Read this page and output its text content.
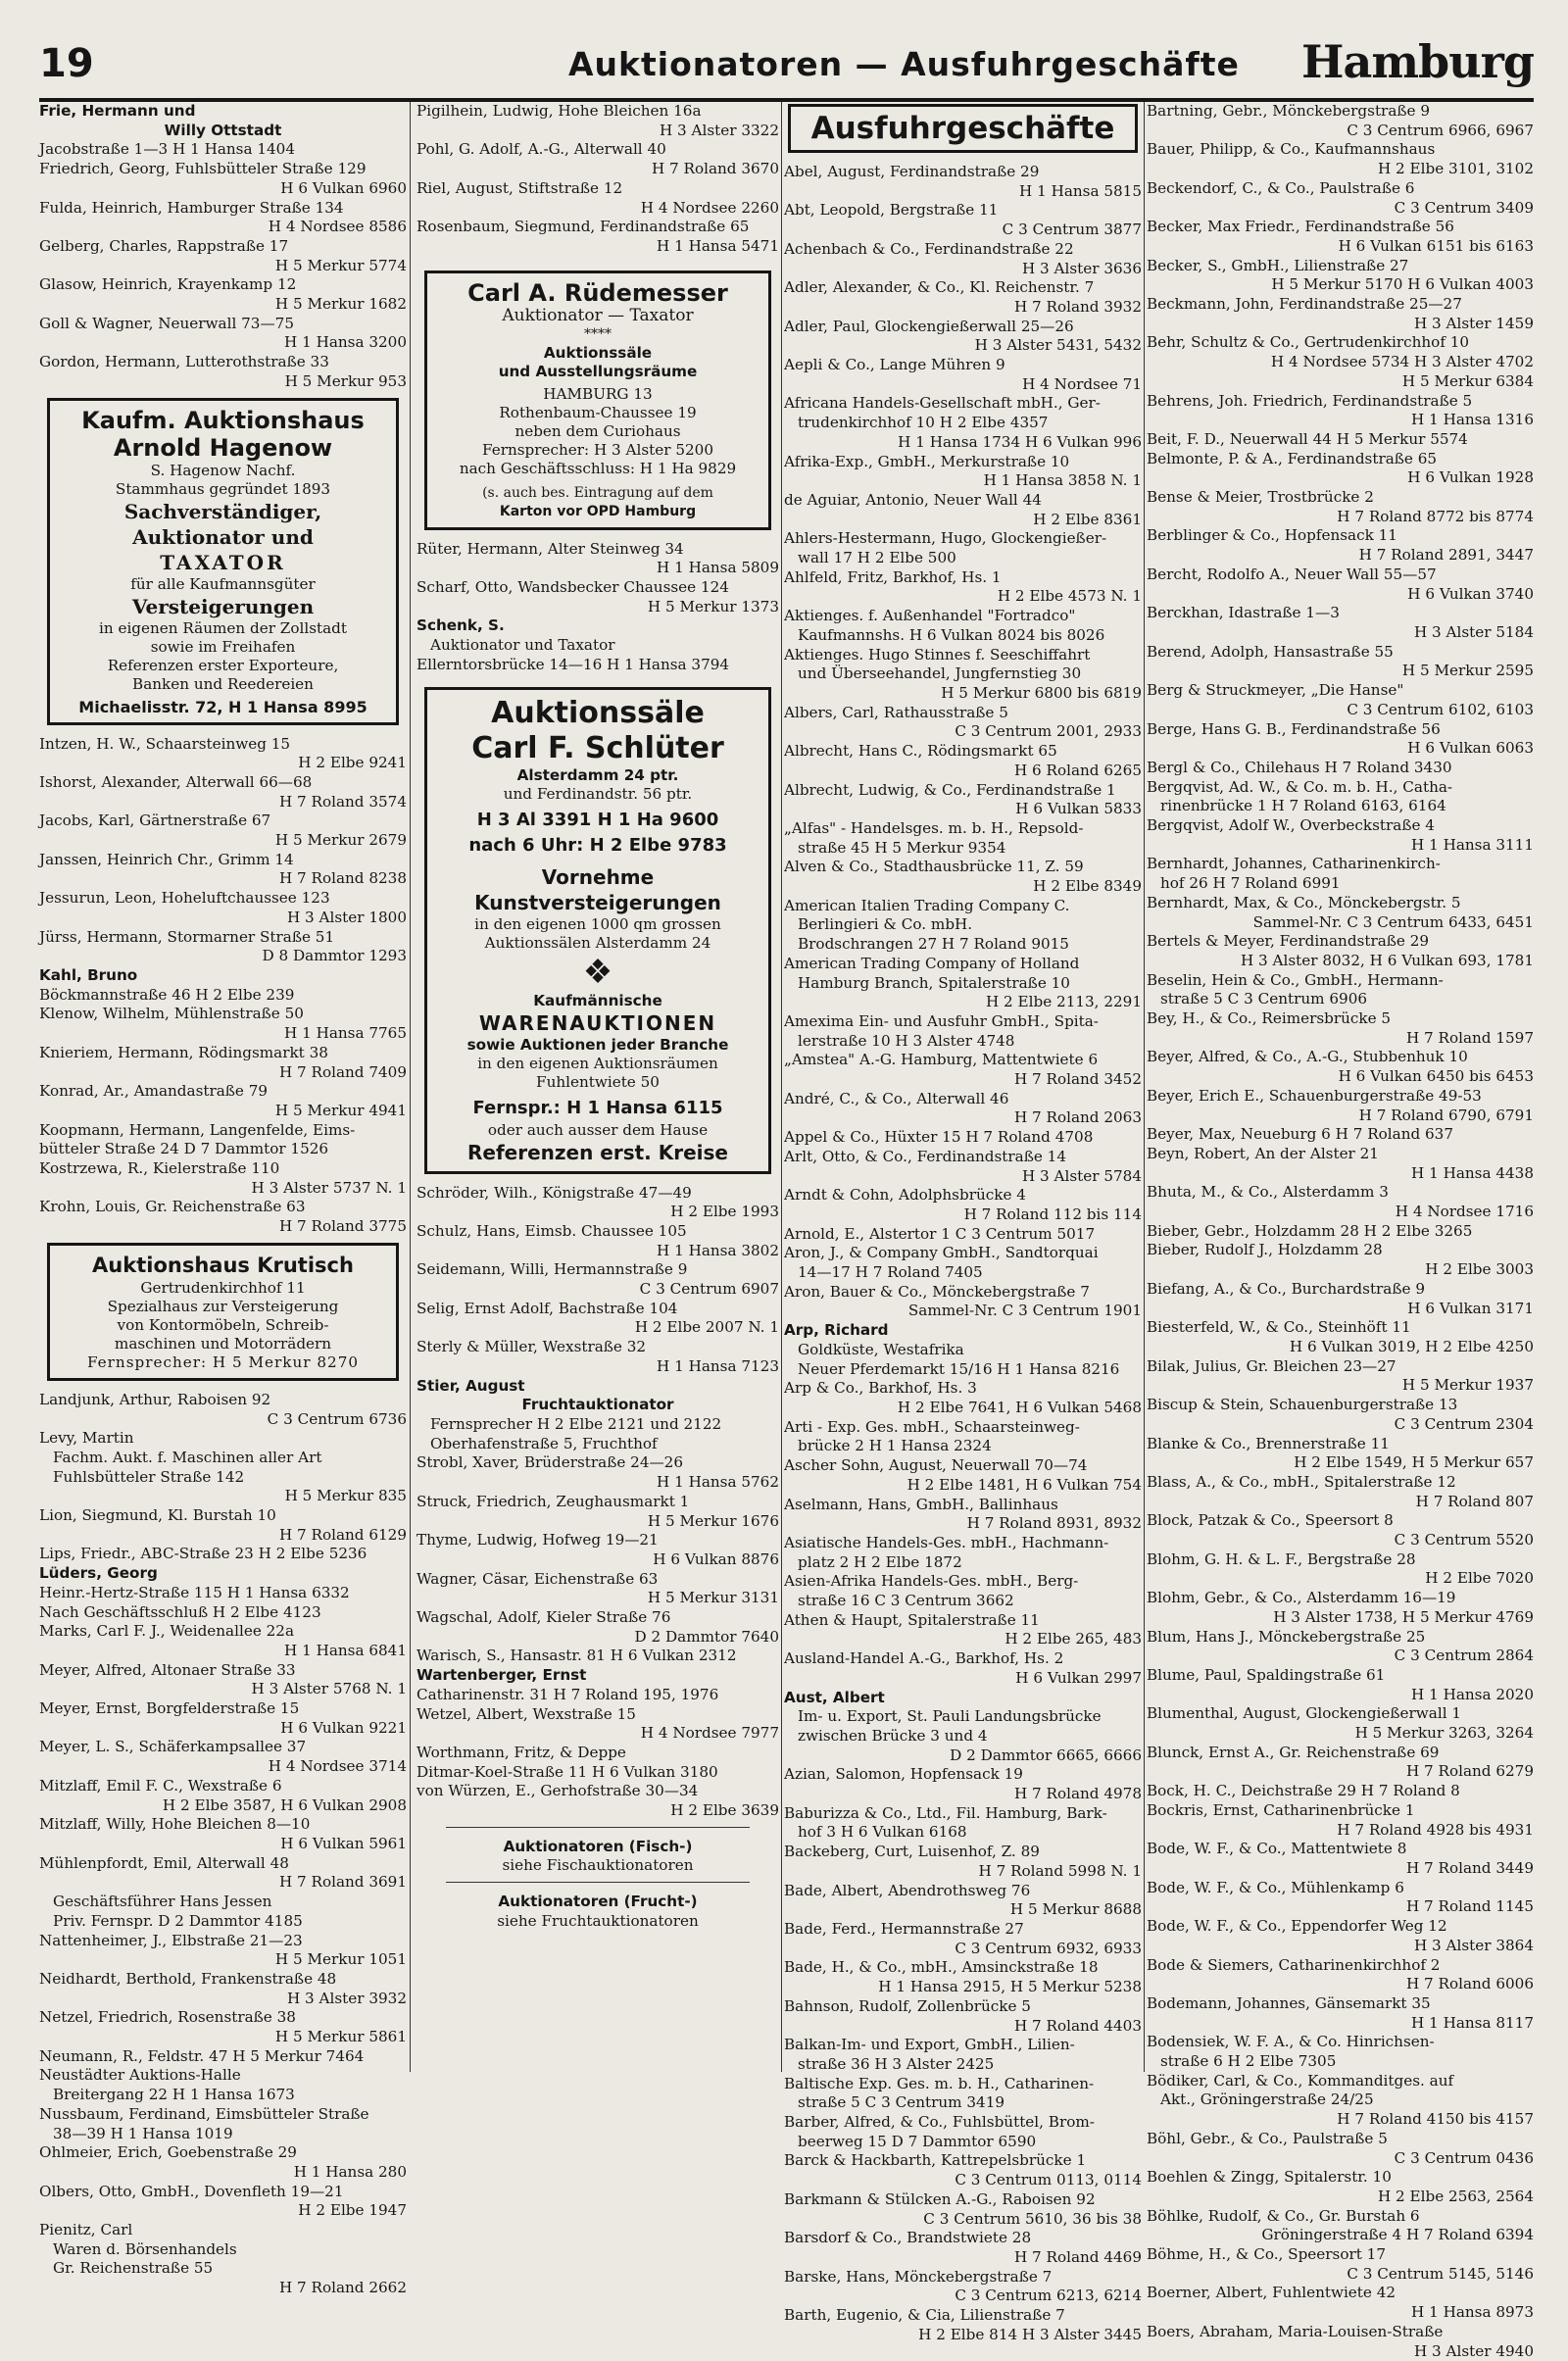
19	Auktionatoren — Ausfuhrgeschäfte Hamburg
Frie, Hermann und
Willy Ottstadt
Jacobstraße 1—3 H 1 Hansa 1404
Friedrich, Georg, Fuhlsbütteler Straße 129
H 6 Vulkan 6960
Fulda, Heinrich, Hamburger Straße 134
H 4 Nordsee 8586
Gelberg, Charles, Rappstraße 17
H 5 Merkur 5774
Glasow, Heinrich, Krayenkamp 12
H 5 Merkur 1682
Goll & Wagner, Neuerwall 73—75
H 1 Hansa 3200
Gordon, Hermann, Lutterothstraße 33
H 5 Merkur 953
Kaufm. Auktionshaus
Arnold Hagenow
S. Hagenow Nachf.
Stammhaus gegründet 1893
Sachverständiger,
Auktionator und
TAXATOR
für alle Kaufmannsgüter
Versteigerungen
in eigenen Räumen der Zollstadt
sowie im Freihafen
Referenzen erster Exporteure,
Banken und Reedereien
Michaelisstr. 72, H 1 Hansa 8995
Intzen, H. W., Schaarsteinweg 15
H 2 Elbe 9241
Ishorst, Alexander, Alterwall 66—68
H 7 Roland 3574
Jacobs, Karl, Gärtnerstraße 67
H 5 Merkur 2679
Janssen, Heinrich Chr., Grimm 14
H 7 Roland 8238
Jessurun, Leon, Hoheluftchaussee 123
H 3 Alster 1800
Jürss, Hermann, Stormarner Straße 51
D 8 Dammtor 1293
Kahl, Bruno
Böckmannstraße 46 H 2 Elbe 239
Klenow, Wilhelm, Mühlenstraße 50
H 1 Hansa 7765
Knieriem, Hermann, Rödingsmarkt 38
H 7 Roland 7409
Konrad, Ar., Amandastraße 79
H 5 Merkur 4941
Koopmann, Hermann, Langenfelde, Eims-
bütteler Straße 24 D 7 Dammtor 1526
Kostrzewa, R., Kielerstraße 110
H 3 Alster 5737 N. 1
Krohn, Louis, Gr. Reichenstraße 63
H 7 Roland 3775
Auktionshaus Krutisch
Gertrudenkirchhof 11
Spezialhaus zur Versteigerung
von Kontormöbeln, Schreib-
maschinen und Motorrädern
Fernsprecher: H 5 Merkur 8270
Landjunk, Arthur, Raboisen 92
C 3 Centrum 6736
Levy, Martin
Fachm. Aukt. f. Maschinen aller Art
Fuhlsbütteler Straße 142
H 5 Merkur 835
Lion, Siegmund, Kl. Burstah 10
H 7 Roland 6129
Lips, Friedr., ABC-Straße 23 H 2 Elbe 5236
Lüders, Georg
Heinr.-Hertz-Straße 115 H 1 Hansa 6332
Nach Geschäftsschluß H 2 Elbe 4123
Marks, Carl F. J., Weidenallee 22a
H 1 Hansa 6841
Meyer, Alfred, Altonaer Straße 33
H 3 Alster 5768 N. 1
Meyer, Ernst, Borgfelderstraße 15
H 6 Vulkan 9221
Meyer, L. S., Schäferkampsallee 37
H 4 Nordsee 3714
Mitzlaff, Emil F. C., Wexstraße 6
H 2 Elbe 3587, H 6 Vulkan 2908
Mitzlaff, Willy, Hohe Bleichen 8—10
H 6 Vulkan 5961
Mühlenpfordt, Emil, Alterwall 48
H 7 Roland 3691
Geschäftsführer Hans Jessen
Priv. Fernspr. D 2 Dammtor 4185
Nattenheimer, J., Elbstraße 21—23
H 5 Merkur 1051
Neidhardt, Berthold, Frankenstraße 48
H 3 Alster 3932
Netzel, Friedrich, Rosenstraße 38
H 5 Merkur 5861
Neumann, R., Feldstr. 47 H 5 Merkur 7464
Neustädter Auktions-Halle
Breitergang 22 H 1 Hansa 1673
Nussbaum, Ferdinand, Eimsbütteler Straße
38—39 H 1 Hansa 1019
Ohlmeier, Erich, Goebenstraße 29
H 1 Hansa 280
Olbers, Otto, GmbH., Dovenfleth 19—21
H 2 Elbe 1947
Pienitz, Carl
Waren d. Börsenhandels
Gr. Reichenstraße 55
H 7 Roland 2662
Pigilhein, Ludwig, Hohe Bleichen 16a
H 3 Alster 3322
Pohl, G. Adolf, A.-G., Alterwall 40
H 7 Roland 3670
Riel, August, Stiftstraße 12
H 4 Nordsee 2260
Rosenbaum, Siegmund, Ferdinandstraße 65
H 1 Hansa 5471
Carl A. Rüdemesser
Auktionator — Taxator
****
Auktionssäle
und Ausstellungsräume
HAMBURG 13
Rothenbaum-Chaussee 19
neben dem Curiohaus
Fernsprecher: H 3 Alster 5200
nach Geschäftsschluss: H 1 Ha 9829
(s. auch bes. Eintragung auf dem
Karton vor OPD Hamburg
Rüter, Hermann, Alter Steinweg 34
H 1 Hansa 5809
Scharf, Otto, Wandsbecker Chaussee 124
H 5 Merkur 1373
Schenk, S.
Auktionator und Taxator
Ellerntorsbrücke 14—16 H 1 Hansa 3794
Auktionssäle
Carl F. Schlüter
Alsterdamm 24 ptr.
und Ferdinandstr. 56 ptr.
H 3 Al 3391 H 1 Ha 9600
nach 6 Uhr: H 2 Elbe 9783
Vornehme
Kunstversteigerungen
in den eigenen 1000 qm grossen
Auktionssälen Alsterdamm 24
❖
Kaufmännische
WARENAUKTIONEN
sowie Auktionen jeder Branche
in den eigenen Auktionsräumen
Fuhlentwiete 50
Fernspr.: H 1 Hansa 6115
oder auch ausser dem Hause
Referenzen erst. Kreise
Schröder, Wilh., Königstraße 47—49
H 2 Elbe 1993
Schulz, Hans, Eimsb. Chaussee 105
H 1 Hansa 3802
Seidemann, Willi, Hermannstraße 9
C 3 Centrum 6907
Selig, Ernst Adolf, Bachstraße 104
H 2 Elbe 2007 N. 1
Sterly & Müller, Wexstraße 32
H 1 Hansa 7123
Stier, August
Fruchtauktionator
Fernsprecher H 2 Elbe 2121 und 2122
Oberhafenstraße 5, Fruchthof
Strobl, Xaver, Brüderstraße 24—26
H 1 Hansa 5762
Struck, Friedrich, Zeughausmarkt 1
H 5 Merkur 1676
Thyme, Ludwig, Hofweg 19—21
H 6 Vulkan 8876
Wagner, Cäsar, Eichenstraße 63
H 5 Merkur 3131
Wagschal, Adolf, Kieler Straße 76
D 2 Dammtor 7640
Warisch, S., Hansastr. 81 H 6 Vulkan 2312
Wartenberger, Ernst
Catharinenstr. 31 H 7 Roland 195, 1976
Wetzel, Albert, Wexstraße 15
H 4 Nordsee 7977
Worthmann, Fritz, & Deppe
Ditmar-Koel-Straße 11 H 6 Vulkan 3180
von Würzen, E., Gerhofstraße 30—34
H 2 Elbe 3639
Auktionatoren (Fisch-)
siehe Fischauktionatoren
Auktionatoren (Frucht-)
siehe Fruchtauktionatoren
Ausfuhrgeschäfte
Abel, August, Ferdinandstraße 29
H 1 Hansa 5815
Abt, Leopold, Bergstraße 11
C 3 Centrum 3877
Achenbach & Co., Ferdinandstraße 22
H 3 Alster 3636
Adler, Alexander, & Co., Kl. Reichenstr. 7
H 7 Roland 3932
Adler, Paul, Glockengießerwall 25—26
H 3 Alster 5431, 5432
Aepli & Co., Lange Mühren 9
H 4 Nordsee 71
Africana Handels-Gesellschaft mbH., Ger-
trudenkirchhof 10 H 2 Elbe 4357
H 1 Hansa 1734 H 6 Vulkan 996
Afrika-Exp., GmbH., Merkurstraße 10
H 1 Hansa 3858 N. 1
de Aguiar, Antonio, Neuer Wall 44
H 2 Elbe 8361
Ahlers-Hestermann, Hugo, Glockengießer-
wall 17 H 2 Elbe 500
Ahlfeld, Fritz, Barkhof, Hs. 1
H 2 Elbe 4573 N. 1
Aktienges. f. Außenhandel "Fortradco"
Kaufmannshs. H 6 Vulkan 8024 bis 8026
Aktienges. Hugo Stinnes f. Seeschiffahrt
und Überseehandel, Jungfernstieg 30
H 5 Merkur 6800 bis 6819
Albers, Carl, Rathausstraße 5
C 3 Centrum 2001, 2933
Albrecht, Hans C., Rödingsmarkt 65
H 6 Roland 6265
Albrecht, Ludwig, & Co., Ferdinandstraße 1
H 6 Vulkan 5833
„Alfas" - Handelsges. m. b. H., Repsold-
straße 45 H 5 Merkur 9354
Alven & Co., Stadthausbrücke 11, Z. 59
H 2 Elbe 8349
American Italien Trading Company C.
Berlingieri & Co. mbH.
Brodschrangen 27 H 7 Roland 9015
American Trading Company of Holland
Hamburg Branch, Spitalerstraße 10
H 2 Elbe 2113, 2291
Amexima Ein- und Ausfuhr GmbH., Spita-
lerstraße 10 H 3 Alster 4748
„Amstea" A.-G. Hamburg, Mattentwiete 6
H 7 Roland 3452
André, C., & Co., Alterwall 46
H 7 Roland 2063
Appel & Co., Hüxter 15 H 7 Roland 4708
Arlt, Otto, & Co., Ferdinandstraße 14
H 3 Alster 5784
Arndt & Cohn, Adolphsbrücke 4
H 7 Roland 112 bis 114
Arnold, E., Alstertor 1 C 3 Centrum 5017
Aron, J., & Company GmbH., Sandtorquai
14—17 H 7 Roland 7405
Aron, Bauer & Co., Mönckebergstraße 7
Sammel-Nr. C 3 Centrum 1901
Arp, Richard
Goldküste, Westafrika
Neuer Pferdemarkt 15/16 H 1 Hansa 8216
Arp & Co., Barkhof, Hs. 3
H 2 Elbe 7641, H 6 Vulkan 5468
Arti - Exp. Ges. mbH., Schaarsteinweg-
brücke 2 H 1 Hansa 2324
Ascher Sohn, August, Neuerwall 70—74
H 2 Elbe 1481, H 6 Vulkan 754
Aselmann, Hans, GmbH., Ballinhaus
H 7 Roland 8931, 8932
Asiatische Handels-Ges. mbH., Hachmann-
platz 2 H 2 Elbe 1872
Asien-Afrika Handels-Ges. mbH., Berg-
straße 16 C 3 Centrum 3662
Athen & Haupt, Spitalerstraße 11
H 2 Elbe 265, 483
Ausland-Handel A.-G., Barkhof, Hs. 2
H 6 Vulkan 2997
Aust, Albert
Im- u. Export, St. Pauli Landungsbrücke
zwischen Brücke 3 und 4
D 2 Dammtor 6665, 6666
Azian, Salomon, Hopfensack 19
H 7 Roland 4978
Baburizza & Co., Ltd., Fil. Hamburg, Bark-
hof 3 H 6 Vulkan 6168
Backeberg, Curt, Luisenhof, Z. 89
H 7 Roland 5998 N. 1
Bade, Albert, Abendrothsweg 76
H 5 Merkur 8688
Bade, Ferd., Hermannstraße 27
C 3 Centrum 6932, 6933
Bade, H., & Co., mbH., Amsinckstraße 18
H 1 Hansa 2915, H 5 Merkur 5238
Bahnson, Rudolf, Zollenbrücke 5
H 7 Roland 4403
Balkan-Im- und Export, GmbH., Lilien-
straße 36 H 3 Alster 2425
Baltische Exp. Ges. m. b. H., Catharinen-
straße 5 C 3 Centrum 3419
Barber, Alfred, & Co., Fuhlsbüttel, Brom-
beerweg 15 D 7 Dammtor 6590
Barck & Hackbarth, Kattrepelsbrücke 1
C 3 Centrum 0113, 0114
Barkmann & Stülcken A.-G., Raboisen 92
C 3 Centrum 5610, 36 bis 38
Barsdorf & Co., Brandstwiete 28
H 7 Roland 4469
Barske, Hans, Mönckebergstraße 7
C 3 Centrum 6213, 6214
Barth, Eugenio, & Cia, Lilienstraße 7
H 2 Elbe 814 H 3 Alster 3445
Bartning, Gebr., Mönckebergstraße 9
C 3 Centrum 6966, 6967
Bauer, Philipp, & Co., Kaufmannshaus
H 2 Elbe 3101, 3102
Beckendorf, C., & Co., Paulstraße 6
C 3 Centrum 3409
Becker, Max Friedr., Ferdinandstraße 56
H 6 Vulkan 6151 bis 6163
Becker, S., GmbH., Lilienstraße 27
H 5 Merkur 5170 H 6 Vulkan 4003
Beckmann, John, Ferdinandstraße 25—27
H 3 Alster 1459
Behr, Schultz & Co., Gertrudenkirchhof 10
H 4 Nordsee 5734 H 3 Alster 4702
H 5 Merkur 6384
Behrens, Joh. Friedrich, Ferdinandstraße 5
H 1 Hansa 1316
Beit, F. D., Neuerwall 44 H 5 Merkur 5574
Belmonte, P. & A., Ferdinandstraße 65
H 6 Vulkan 1928
Bense & Meier, Trostbrücke 2
H 7 Roland 8772 bis 8774
Berblinger & Co., Hopfensack 11
H 7 Roland 2891, 3447
Bercht, Rodolfo A., Neuer Wall 55—57
H 6 Vulkan 3740
Berckhan, Idastraße 1—3
H 3 Alster 5184
Berend, Adolph, Hansastraße 55
H 5 Merkur 2595
Berg & Struckmeyer, „Die Hanse"
C 3 Centrum 6102, 6103
Berge, Hans G. B., Ferdinandstraße 56
H 6 Vulkan 6063
Bergl & Co., Chilehaus H 7 Roland 3430
Bergqvist, Ad. W., & Co. m. b. H., Catha-
rinenbrücke 1 H 7 Roland 6163, 6164
Bergqvist, Adolf W., Overbeckstraße 4
H 1 Hansa 3111
Bernhardt, Johannes, Catharinenkirch-
hof 26 H 7 Roland 6991
Bernhardt, Max, & Co., Mönckebergstr. 5
Sammel-Nr. C 3 Centrum 6433, 6451
Bertels & Meyer, Ferdinandstraße 29
H 3 Alster 8032, H 6 Vulkan 693, 1781
Beselin, Hein & Co., GmbH., Hermann-
straße 5 C 3 Centrum 6906
Bey, H., & Co., Reimersbrücke 5
H 7 Roland 1597
Beyer, Alfred, & Co., A.-G., Stubbenhuk 10
H 6 Vulkan 6450 bis 6453
Beyer, Erich E., Schauenburgerstraße 49-53
H 7 Roland 6790, 6791
Beyer, Max, Neueburg 6 H 7 Roland 637
Beyn, Robert, An der Alster 21
H 1 Hansa 4438
Bhuta, M., & Co., Alsterdamm 3
H 4 Nordsee 1716
Bieber, Gebr., Holzdamm 28 H 2 Elbe 3265
Bieber, Rudolf J., Holzdamm 28
H 2 Elbe 3003
Biefang, A., & Co., Burchardstraße 9
H 6 Vulkan 3171
Biesterfeld, W., & Co., Steinhöft 11
H 6 Vulkan 3019, H 2 Elbe 4250
Bilak, Julius, Gr. Bleichen 23—27
H 5 Merkur 1937
Biscup & Stein, Schauenburgerstraße 13
C 3 Centrum 2304
Blanke & Co., Brennerstraße 11
H 2 Elbe 1549, H 5 Merkur 657
Blass, A., & Co., mbH., Spitalerstraße 12
H 7 Roland 807
Block, Patzak & Co., Speersort 8
C 3 Centrum 5520
Blohm, G. H. & L. F., Bergstraße 28
H 2 Elbe 7020
Blohm, Gebr., & Co., Alsterdamm 16—19
H 3 Alster 1738, H 5 Merkur 4769
Blum, Hans J., Mönckebergstraße 25
C 3 Centrum 2864
Blume, Paul, Spaldingstraße 61
H 1 Hansa 2020
Blumenthal, August, Glockengießerwall 1
H 5 Merkur 3263, 3264
Blunck, Ernst A., Gr. Reichenstraße 69
H 7 Roland 6279
Bock, H. C., Deichstraße 29 H 7 Roland 8
Bockris, Ernst, Catharinenbrücke 1
H 7 Roland 4928 bis 4931
Bode, W. F., & Co., Mattentwiete 8
H 7 Roland 3449
Bode, W. F., & Co., Mühlenkamp 6
H 7 Roland 1145
Bode, W. F., & Co., Eppendorfer Weg 12
H 3 Alster 3864
Bode & Siemers, Catharinenkirchhof 2
H 7 Roland 6006
Bodemann, Johannes, Gänsemarkt 35
H 1 Hansa 8117
Bodensiek, W. F. A., & Co. Hinrichsen-
straße 6 H 2 Elbe 7305
Bödiker, Carl, & Co., Kommanditges. auf
Akt., Gröningerstraße 24/25
H 7 Roland 4150 bis 4157
Böhl, Gebr., & Co., Paulstraße 5
C 3 Centrum 0436
Boehlen & Zingg, Spitalerstr. 10
H 2 Elbe 2563, 2564
Böhlke, Rudolf, & Co., Gr. Burstah 6
Gröningerstraße 4 H 7 Roland 6394
Böhme, H., & Co., Speersort 17
C 3 Centrum 5145, 5146
Boerner, Albert, Fuhlentwiete 42
H 1 Hansa 8973
Boers, Abraham, Maria-Louisen-Straße
H 3 Alster 4940
